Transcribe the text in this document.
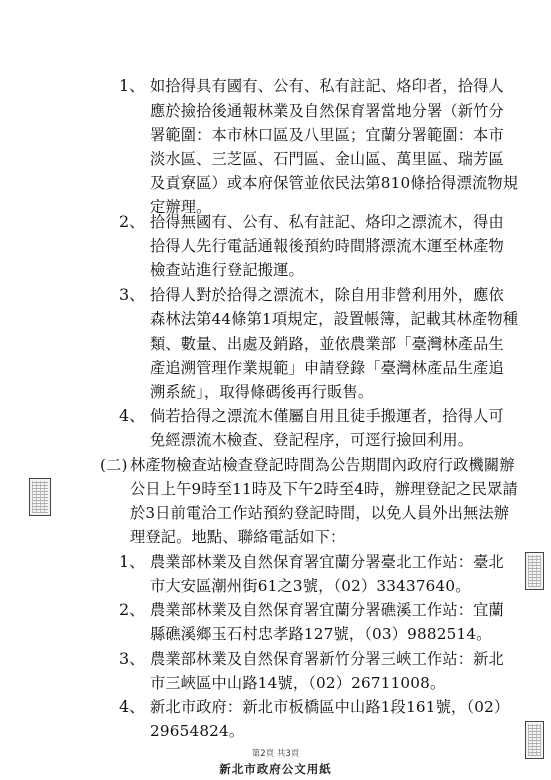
1、 如拾得具有國有、公有、私有註記、烙印者，拾得人
應於撿拾後通報林業及自然保育署當地分署（新竹分
署範圍：本市林口區及八里區；宜蘭分署範圍：本市
淡水區、三芝區、石門區、金山區、萬里區、瑞芳區
及貢寮區）或本府保管並依民法第810條拾得漂流物規
定辦理。
2、 拾得無國有、公有、私有註記、烙印之漂流木，得由
拾得人先行電話通報後預約時間將漂流木運至林產物
檢查站進行登記搬運。
3、 拾得人對於拾得之漂流木，除自用非營利用外，應依
森林法第44條第1項規定，設置帳簿，記載其林產物種
類、數量、出處及銷路，並依農業部「臺灣林產品生
產追溯管理作業規範」申請登錄「臺灣林產品生產追
溯系統」，取得條碼後再行販售。
4、 倘若拾得之漂流木僅屬自用且徒手搬運者，拾得人可
免經漂流木檢查、登記程序，可逕行撿回利用。
(二) 林產物檢查站檢查登記時間為公告期間內政府行政機關辦
公日上午9時至11時及下午2時至4時，辦理登記之民眾請
於3日前電洽工作站預約登記時間，以免人員外出無法辦
理登記。地點、聯絡電話如下：
1、 農業部林業及自然保育署宜蘭分署臺北工作站：臺北
市大安區潮州街61之3號，（02）33437640。
2、 農業部林業及自然保育署宜蘭分署礁溪工作站：宜蘭
縣礁溪鄉玉石村忠孝路127號，（03）9882514。
3、 農業部林業及自然保育署新竹分署三峽工作站：新北
市三峽區中山路14號，（02）26711008。
4、 新北市政府：新北市板橋區中山路1段161號，（02）
29654824。
第2頁 共3頁
新北市政府公文用紙
